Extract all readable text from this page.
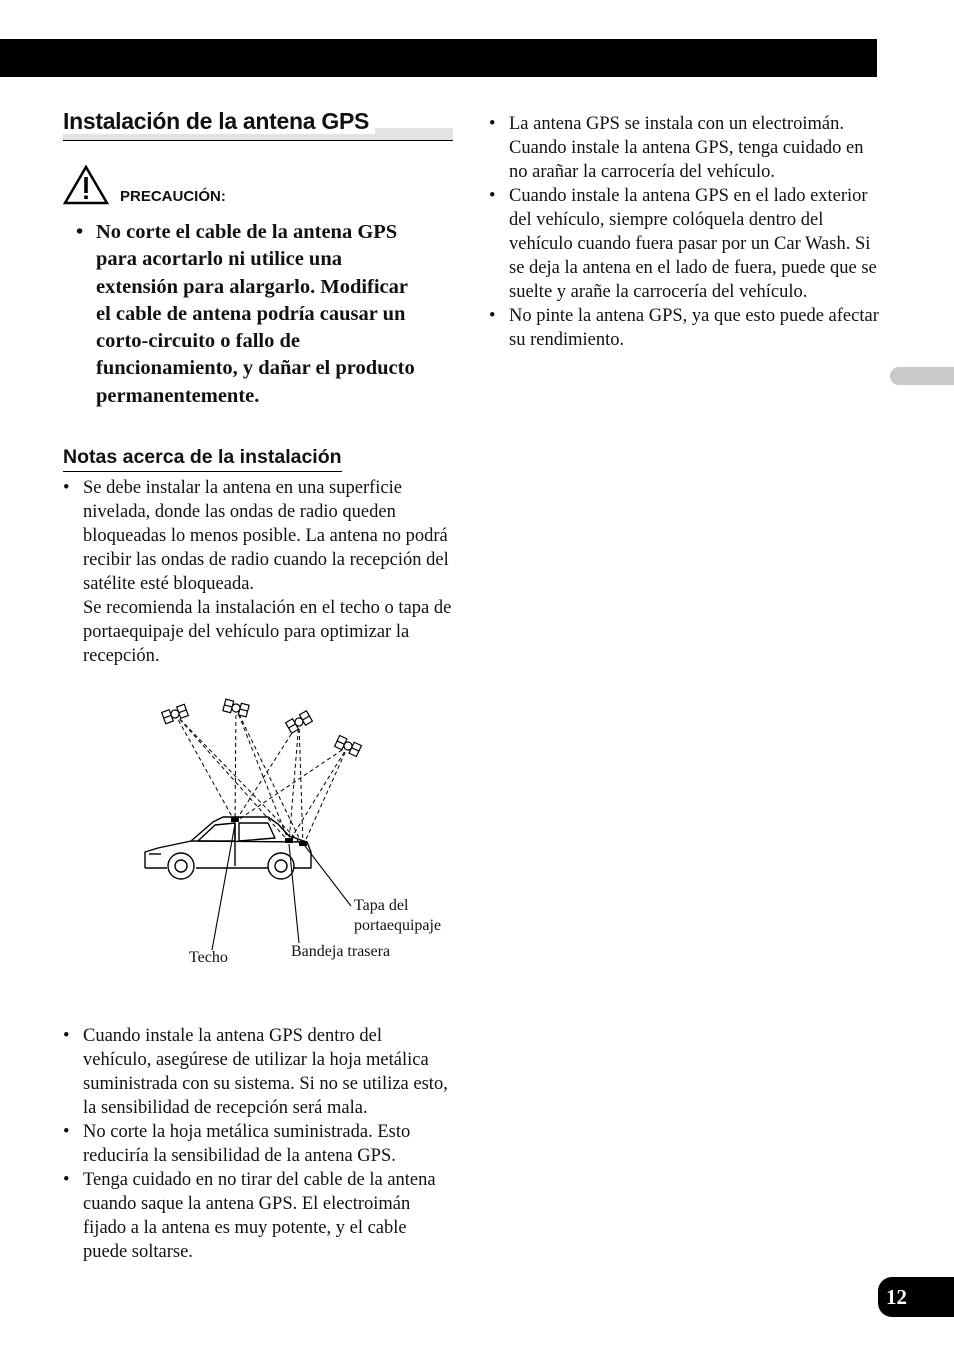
12
Instalación de la antena GPS
PRECAUCIÓN:
• No corte el cable de la antena GPS para acortarlo ni utilice una extensión para alargarlo. Modificar el cable de antena podría causar un corto-circuito o fallo de funcionamiento, y dañar el producto permanentemente.
Notas acerca de la instalación
• Se debe instalar la antena en una superficie nivelada, donde las ondas de radio queden bloqueadas lo menos posible. La antena no podrá recibir las ondas de radio cuando la recepción del satélite esté bloqueada.
Se recomienda la instalación en el techo o tapa de portaequipaje del vehículo para optimizar la recepción.
Tapa del
portaequipaje
Bandeja trasera
Techo
• Cuando instale la antena GPS dentro del vehículo, asegúrese de utilizar la hoja metálica suministrada con su sistema. Si no se utiliza esto, la sensibilidad de recepción será mala.
• No corte la hoja metálica suministrada. Esto reduciría la sensibilidad de la antena GPS.
• Tenga cuidado en no tirar del cable de la antena cuando saque la antena GPS. El electroimán fijado a la antena es muy potente, y el cable puede soltarse.
• La antena GPS se instala con un electroimán. Cuando instale la antena GPS, tenga cuidado en no arañar la carrocería del vehículo.
• Cuando instale la antena GPS en el lado exterior del vehículo, siempre colóquela dentro del vehículo cuando fuera pasar por un Car Wash. Si se deja la antena en el lado de fuera, puede que se suelte y arañe la carrocería del vehículo.
• No pinte la antena GPS, ya que esto puede afectar su rendimiento.
